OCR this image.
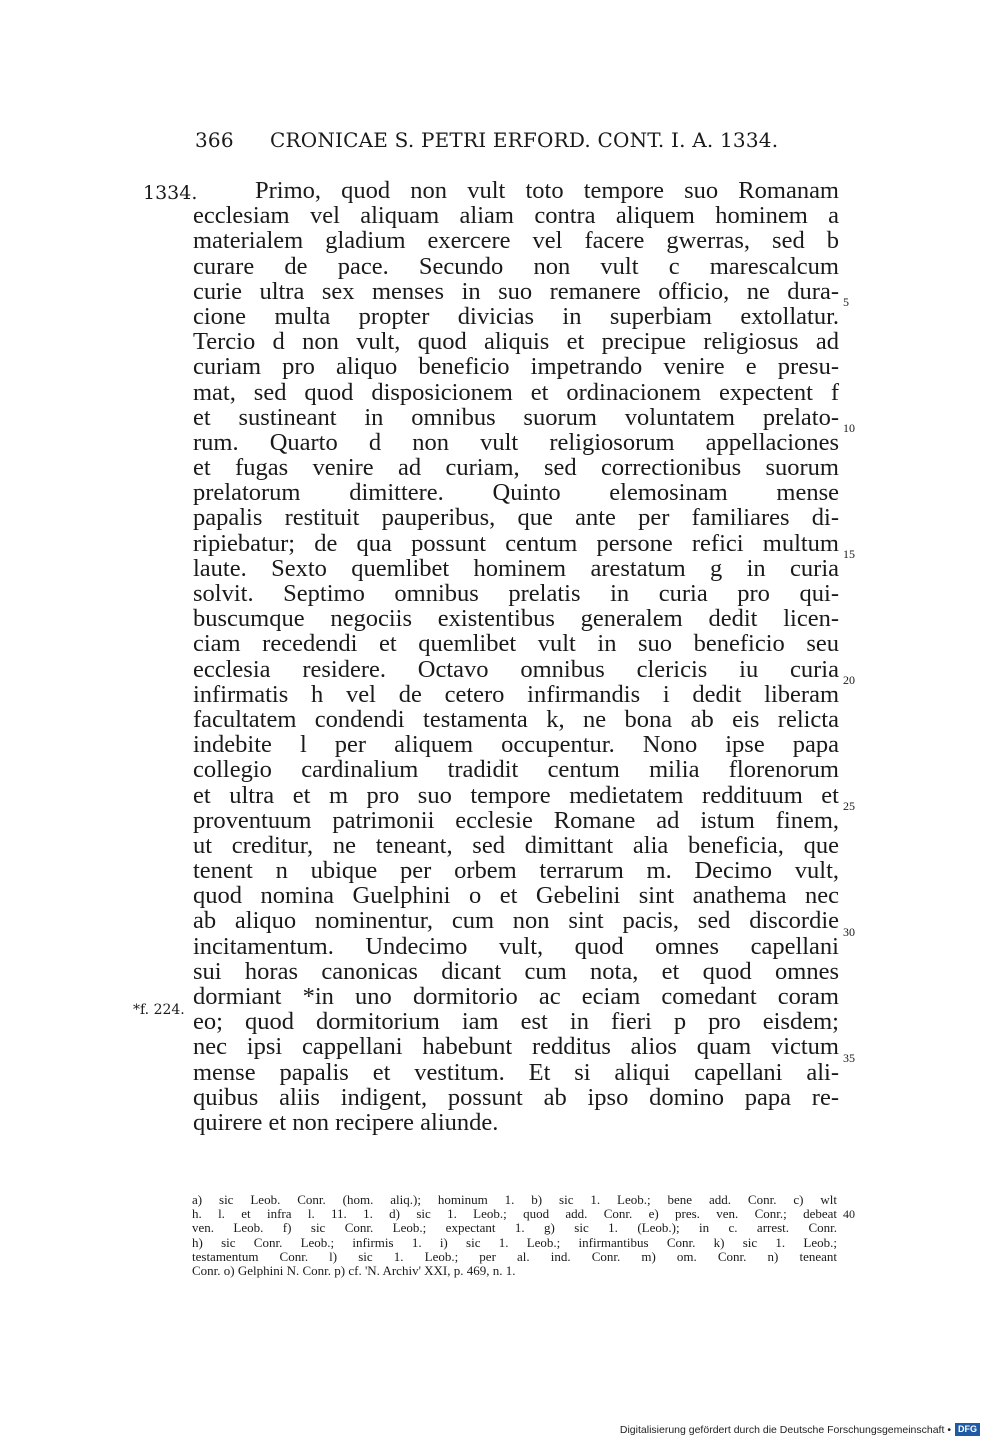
366 CRONICAE S. PETRI ERFORD. CONT. I. A. 1334.
1334.
*f. 224.
Primo, quod non vult toto tempore suo Romanam
ecclesiam vel aliquam aliam contra aliquem hominem a
materialem gladium exercere vel facere gwerras, sed b
curare de pace. Secundo non vult c marescalcum
curie ultra sex menses in suo remanere officio, ne dura-
cione multa propter divicias in superbiam extollatur.
Tercio d non vult, quod aliquis et precipue religiosus ad
curiam pro aliquo beneficio impetrando venire e presu-
mat, sed quod disposicionem et ordinacionem expectent f
et sustineant in omnibus suorum voluntatem prelato-
rum. Quarto d non vult religiosorum appellaciones
et fugas venire ad curiam, sed correctionibus suorum
prelatorum dimittere. Quinto elemosinam mense
papalis restituit pauperibus, que ante per familiares di-
ripiebatur; de qua possunt centum persone refici multum
laute. Sexto quemlibet hominem arestatum g in curia
solvit. Septimo omnibus prelatis in curia pro qui-
buscumque negociis existentibus generalem dedit licen-
ciam recedendi et quemlibet vult in suo beneficio seu
ecclesia residere. Octavo omnibus clericis iu curia
infirmatis h vel de cetero infirmandis i dedit liberam
facultatem condendi testamenta k, ne bona ab eis relicta
indebite l per aliquem occupentur. Nono ipse papa
collegio cardinalium tradidit centum milia florenorum
et ultra et m pro suo tempore medietatem reddituum et
proventuum patrimonii ecclesie Romane ad istum finem,
ut creditur, ne teneant, sed dimittant alia beneficia, que
tenent n ubique per orbem terrarum m. Decimo vult,
quod nomina Guelphini o et Gebelini sint anathema nec
ab aliquo nominentur, cum non sint pacis, sed discordie
incitamentum. Undecimo vult, quod omnes capellani
sui horas canonicas dicant cum nota, et quod omnes
dormiant *in uno dormitorio ac eciam comedant coram
eo; quod dormitorium iam est in fieri p pro eisdem;
nec ipsi cappellani habebunt redditus alios quam victum
mense papalis et vestitum. Et si aliqui capellani ali-
quibus aliis indigent, possunt ab ipso domino papa re-
quirere et non recipere aliunde.
5
10
15
20
25
30
35
a) sic Leob. Conr. (hom. aliq.); hominum 1. b) sic 1. Leob.; bene add. Conr. c) wlt
h. l. et infra l. 11. 1. d) sic 1. Leob.; quod add. Conr. e) pres. ven. Conr.; debeat
ven. Leob. f) sic Conr. Leob.; expectant 1. g) sic 1. (Leob.); in c. arrest. Conr.
h) sic Conr. Leob.; infirmis 1. i) sic 1. Leob.; infirmantibus Conr. k) sic 1. Leob.;
testamentum Conr. l) sic 1. Leob.; per al. ind. Conr. m) om. Conr. n) teneant
Conr. o) Gelphini N. Conr. p) cf. 'N. Archiv' XXI, p. 469, n. 1.
40
Digitalisierung gefördert durch die Deutsche Forschungsgemeinschaft • DFG
